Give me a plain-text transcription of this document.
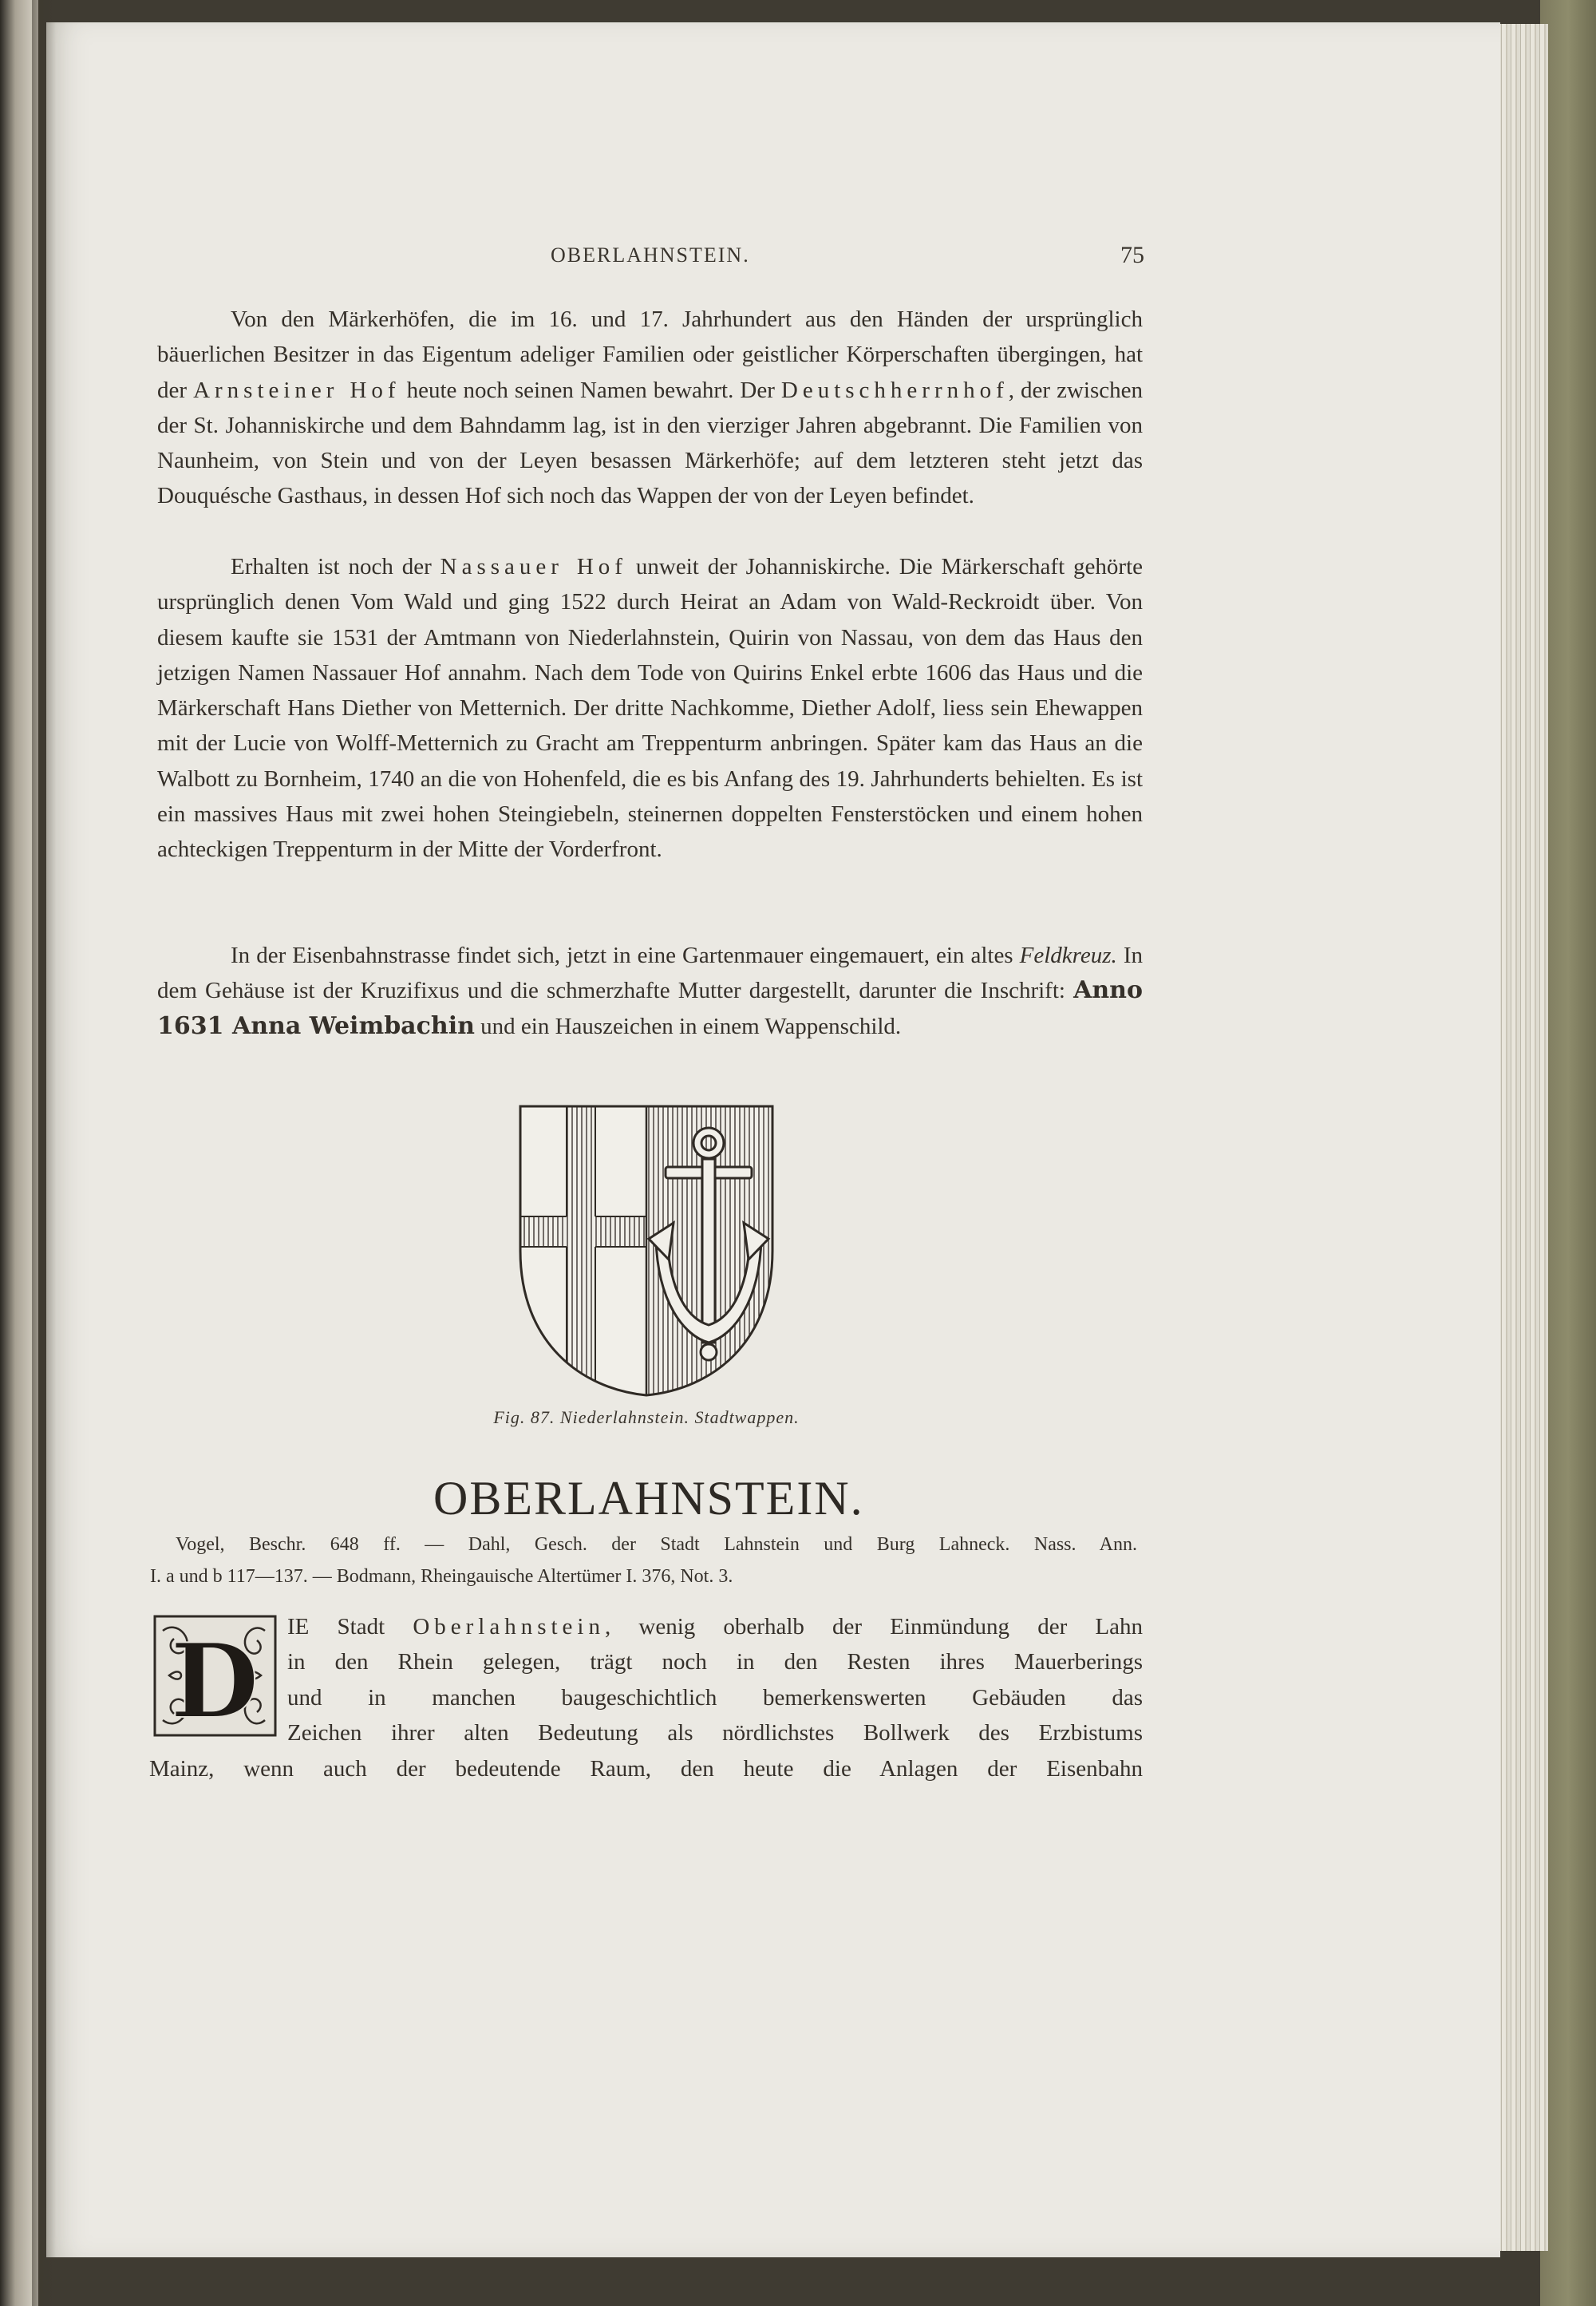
OBERLAHNSTEIN.	75
Von den Märkerhöfen, die im 16. und 17. Jahrhundert aus den Händen der ursprünglich bäuerlichen Besitzer in das Eigentum adeliger Familien oder geistlicher Körperschaften übergingen, hat der Arnsteiner Hof heute noch seinen Namen bewahrt. Der Deutschherrnhof, der zwischen der St. Johanniskirche und dem Bahndamm lag, ist in den vierziger Jahren abgebrannt. Die Familien von Naunheim, von Stein und von der Leyen besassen Märkerhöfe; auf dem letzteren steht jetzt das Douquésche Gasthaus, in dessen Hof sich noch das Wappen der von der Leyen befindet.
Erhalten ist noch der Nassauer Hof unweit der Johanniskirche. Die Märkerschaft gehörte ursprünglich denen Vom Wald und ging 1522 durch Heirat an Adam von Wald-Reckroidt über. Von diesem kaufte sie 1531 der Amtmann von Niederlahnstein, Quirin von Nassau, von dem das Haus den jetzigen Namen Nassauer Hof annahm. Nach dem Tode von Quirins Enkel erbte 1606 das Haus und die Märkerschaft Hans Diether von Metternich. Der dritte Nachkomme, Diether Adolf, liess sein Ehewappen mit der Lucie von Wolff-Metternich zu Gracht am Treppenturm anbringen. Später kam das Haus an die Walbott zu Bornheim, 1740 an die von Hohenfeld, die es bis Anfang des 19. Jahrhunderts behielten. Es ist ein massives Haus mit zwei hohen Steingiebeln, steinernen doppelten Fensterstöcken und einem hohen achteckigen Treppenturm in der Mitte der Vorderfront.
In der Eisenbahnstrasse findet sich, jetzt in eine Gartenmauer eingemauert, ein altes Feldkreuz. In dem Gehäuse ist der Kruzifixus und die schmerzhafte Mutter dargestellt, darunter die Inschrift: Anno 1631 Anna Weimbachin und ein Hauszeichen in einem Wappenschild.
Fig. 87. Niederlahnstein. Stadtwappen.
OBERLAHNSTEIN.
Vogel, Beschr. 648 ff. — Dahl, Gesch. der Stadt Lahnstein und Burg Lahneck. Nass. Ann.
I. a und b 117—137. — Bodmann, Rheingauische Altertümer I. 376, Not. 3.
D IE Stadt Oberlahnstein, wenig oberhalb der Einmündung der Lahn
in den Rhein gelegen, trägt noch in den Resten ihres Mauerberings
und in manchen baugeschichtlich bemerkenswerten Gebäuden das
Zeichen ihrer alten Bedeutung als nördlichstes Bollwerk des Erzbistums
Mainz, wenn auch der bedeutende Raum, den heute die Anlagen der Eisenbahn
